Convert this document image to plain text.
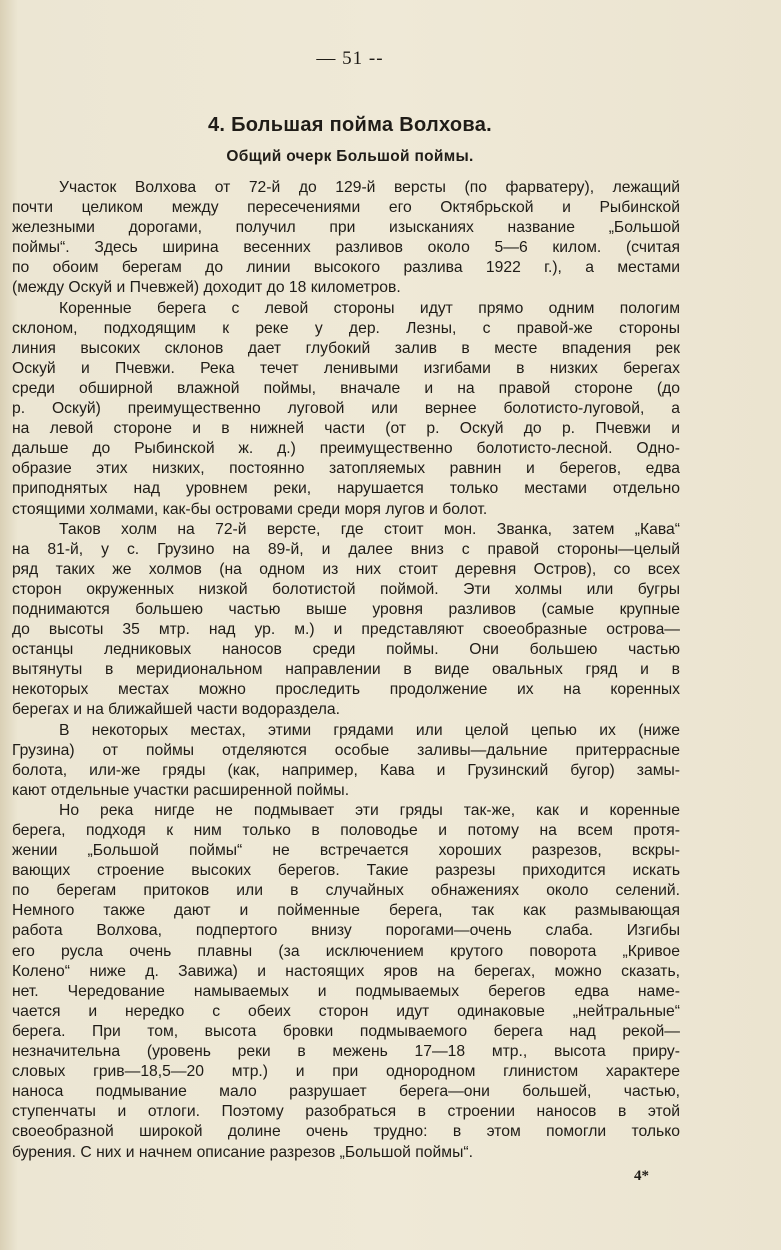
— 51 --
4. Большая пойма Волхова.
Общий очерк Большой поймы.
Участок Волхова от 72-й до 129-й версты (по фарватеру), лежащий
почти целиком между пересечениями его Октябрьской и Рыбинской
железными дорогами, получил при изысканиях название „Большой
поймы“. Здесь ширина весенних разливов около 5—6 килом. (считая
по обоим берегам до линии высокого разлива 1922 г.), а местами
(между Оскуй и Пчевжей) доходит до 18 километров.
Коренные берега с левой стороны идут прямо одним пологим
склоном, подходящим к реке у дер. Лезны, с правой-же стороны
линия высоких склонов дает глубокий залив в месте впадения рек
Оскуй и Пчевжи. Река течет ленивыми изгибами в низких берегах
среди обширной влажной поймы, вначале и на правой стороне (до
р. Оскуй) преимущественно луговой или вернее болотисто-луговой, а
на левой стороне и в нижней части (от р. Оскуй до р. Пчевжи и
дальше до Рыбинской ж. д.) преимущественно болотисто-лесной. Одно-
образие этих низких, постоянно затопляемых равнин и берегов, едва
приподнятых над уровнем реки, нарушается только местами отдельно
стоящими холмами, как-бы островами среди моря лугов и болот.
Таков холм на 72-й версте, где стоит мон. Званка, затем „Кава“
на 81-й, у с. Грузино на 89-й, и далее вниз с правой стороны—целый
ряд таких же холмов (на одном из них стоит деревня Остров), со всех
сторон окруженных низкой болотистой поймой. Эти холмы или бугры
поднимаются большею частью выше уровня разливов (самые крупные
до высоты 35 мтр. над ур. м.) и представляют своеобразные острова—
останцы ледниковых наносов среди поймы. Они большею частью
вытянуты в меридиональном направлении в виде овальных гряд и в
некоторых местах можно проследить продолжение их на коренных
берегах и на ближайшей части водораздела.
В некоторых местах, этими грядами или целой цепью их (ниже
Грузина) от поймы отделяются особые заливы—дальние притеррасные
болота, или-же гряды (как, например, Кава и Грузинский бугор) замы-
кают отдельные участки расширенной поймы.
Но река нигде не подмывает эти гряды так-же, как и коренные
берега, подходя к ним только в половодье и потому на всем протя-
жении „Большой поймы“ не встречается хороших разрезов, вскры-
вающих строение высоких берегов. Такие разрезы приходится искать
по берегам притоков или в случайных обнажениях около селений.
Немного также дают и пойменные берега, так как размывающая
работа Волхова, подпертого внизу порогами—очень слаба. Изгибы
его русла очень плавны (за исключением крутого поворота „Кривое
Колено“ ниже д. Завижа) и настоящих яров на берегах, можно сказать,
нет. Чередование намываемых и подмываемых берегов едва наме-
чается и нередко с обеих сторон идут одинаковые „нейтральные“
берега. При том, высота бровки подмываемого берега над рекой—
незначительна (уровень реки в межень 17—18 мтр., высота приру-
словых грив—18,5—20 мтр.) и при однородном глинистом характере
наноса подмывание мало разрушает берега—они большей, частью,
ступенчаты и отлоги. Поэтому разобраться в строении наносов в этой
своеобразной широкой долине очень трудно: в этом помогли только
бурения. С них и начнем описание разрезов „Большой поймы“.
4*
